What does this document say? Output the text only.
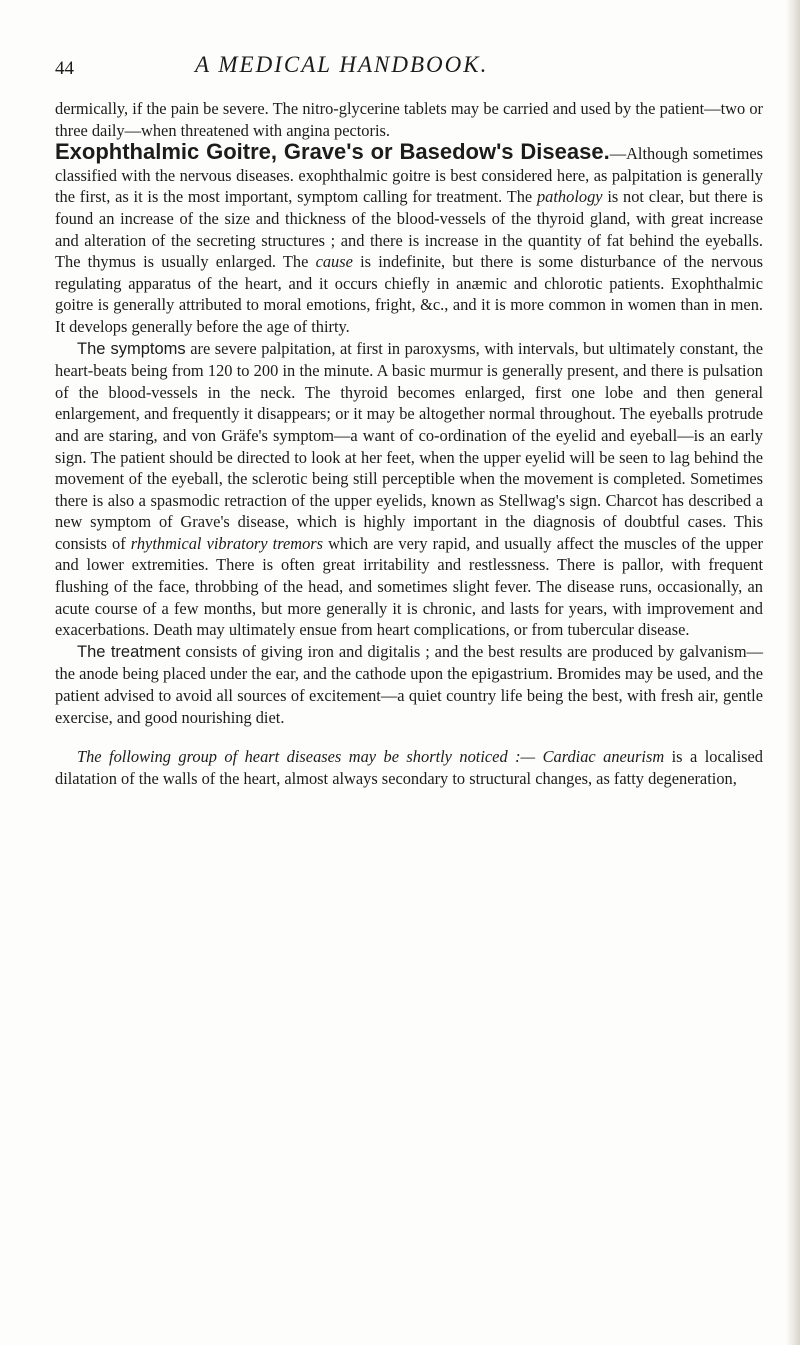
44	A MEDICAL HANDBOOK.

dermically, if the pain be severe. The nitro-glycerine tablets may be carried and used by the patient—two or three daily—when threatened with angina pectoris.

Exophthalmic Goitre, Grave's or Basedow's Disease.—Although sometimes classified with the nervous diseases. exophthalmic goitre is best considered here, as palpitation is generally the first, as it is the most important, symptom calling for treatment. The pathology is not clear, but there is found an increase of the size and thickness of the blood-vessels of the thyroid gland, with great increase and alteration of the secreting structures ; and there is increase in the quantity of fat behind the eyeballs. The thymus is usually enlarged. The cause is indefinite, but there is some disturbance of the nervous regulating apparatus of the heart, and it occurs chiefly in anæmic and chlorotic patients. Exophthalmic goitre is generally attributed to moral emotions, fright, &c., and it is more common in women than in men. It develops generally before the age of thirty.

The symptoms are severe palpitation, at first in paroxysms, with intervals, but ultimately constant, the heart-beats being from 120 to 200 in the minute. A basic murmur is generally present, and there is pulsation of the blood-vessels in the neck. The thyroid becomes enlarged, first one lobe and then general enlargement, and frequently it disappears; or it may be altogether normal throughout. The eyeballs protrude and are staring, and von Gräfe's symptom—a want of co-ordination of the eyelid and eyeball—is an early sign. The patient should be directed to look at her feet, when the upper eyelid will be seen to lag behind the movement of the eyeball, the sclerotic being still perceptible when the movement is completed. Sometimes there is also a spasmodic retraction of the upper eyelids, known as Stellwag's sign. Charcot has described a new symptom of Grave's disease, which is highly important in the diagnosis of doubtful cases. This consists of rhythmical vibratory tremors which are very rapid, and usually affect the muscles of the upper and lower extremities. There is often great irritability and restlessness. There is pallor, with frequent flushing of the face, throbbing of the head, and sometimes slight fever. The disease runs, occasionally, an acute course of a few months, but more generally it is chronic, and lasts for years, with improvement and exacerbations. Death may ultimately ensue from heart complications, or from tubercular disease.

The treatment consists of giving iron and digitalis ; and the best results are produced by galvanism—the anode being placed under the ear, and the cathode upon the epigastrium. Bromides may be used, and the patient advised to avoid all sources of excitement—a quiet country life being the best, with fresh air, gentle exercise, and good nourishing diet.

The following group of heart diseases may be shortly noticed :— Cardiac aneurism is a localised dilatation of the walls of the heart, almost always secondary to structural changes, as fatty degeneration,
